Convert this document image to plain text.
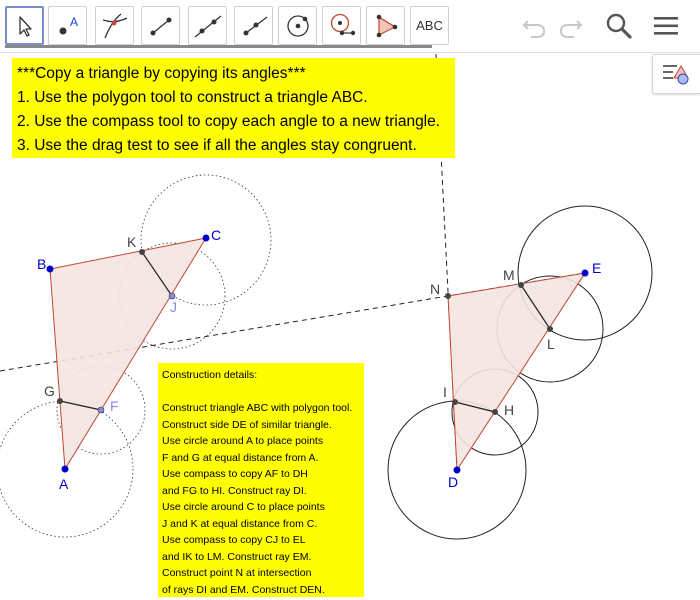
A
B
C
F
G
J
K
D
E
H
I
L
M
N
A	ABC
***Copy a triangle by copying its angles***
1. Use the polygon tool to construct a triangle ABC.
2. Use the compass tool to copy each angle to a new triangle.
3. Use the drag test to see if all the angles stay congruent.
Construction details:
Construct triangle ABC with polygon tool.
Construct side DE of similar triangle.
Use circle around A to place points
F and G at equal distance from A.
Use compass to copy AF to DH
and FG to HI. Construct ray DI.
Use circle around C to place points
J and K at equal distance from C.
Use compass to copy CJ to EL
and IK to LM. Construct ray EM.
Construct point N at intersection
of rays DI and EM. Construct DEN.
